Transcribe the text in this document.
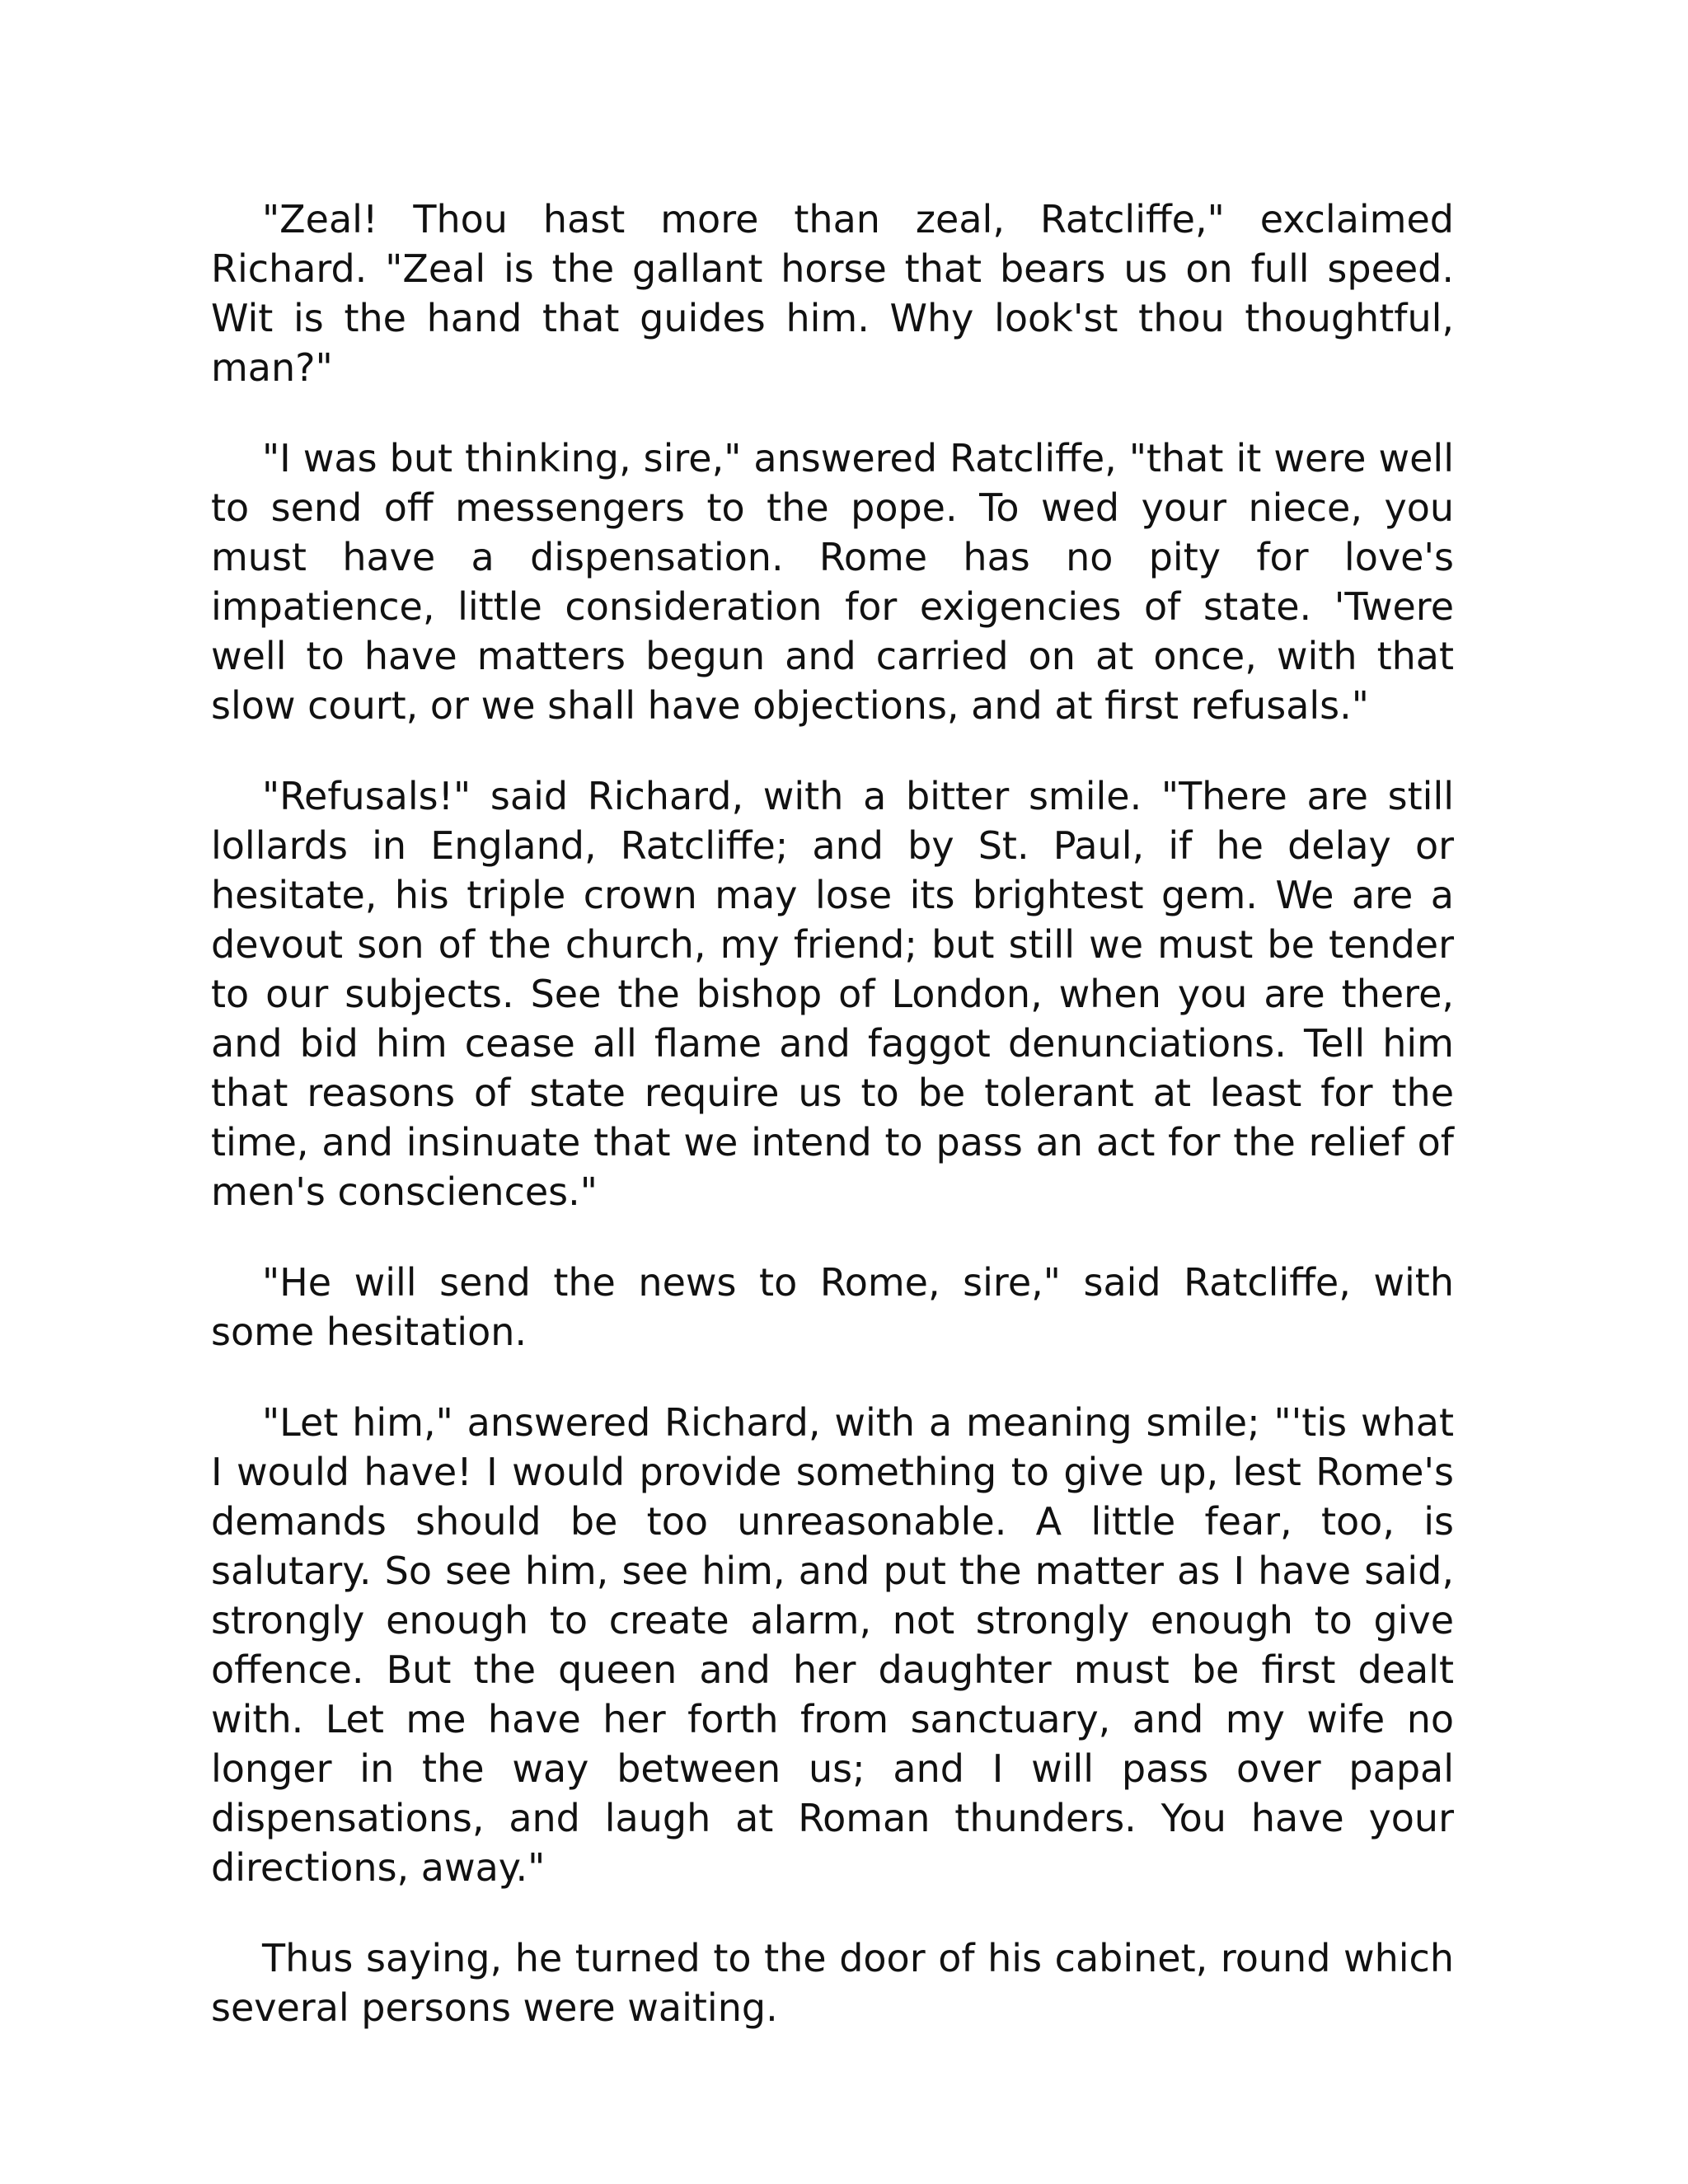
"Zeal! Thou hast more than zeal, Ratcliffe," exclaimed Richard. "Zeal is the gallant horse that bears us on full speed. Wit is the hand that guides him. Why look'st thou thoughtful, man?"

"I was but thinking, sire," answered Ratcliffe, "that it were well to send off messengers to the pope. To wed your niece, you must have a dispensation. Rome has no pity for love's impatience, little consideration for exigencies of state. 'Twere well to have matters begun and carried on at once, with that slow court, or we shall have objections, and at first refusals."

"Refusals!" said Richard, with a bitter smile. "There are still lollards in England, Ratcliffe; and by St. Paul, if he delay or hesitate, his triple crown may lose its brightest gem. We are a devout son of the church, my friend; but still we must be tender to our subjects. See the bishop of London, when you are there, and bid him cease all flame and faggot denunciations. Tell him that reasons of state require us to be tolerant at least for the time, and insinuate that we intend to pass an act for the relief of men's consciences."

"He will send the news to Rome, sire," said Ratcliffe, with some hesitation.

"Let him," answered Richard, with a meaning smile; "'tis what I would have! I would provide something to give up, lest Rome's demands should be too unreasonable. A little fear, too, is salutary. So see him, see him, and put the matter as I have said, strongly enough to create alarm, not strongly enough to give offence. But the queen and her daughter must be first dealt with. Let me have her forth from sanctuary, and my wife no longer in the way between us; and I will pass over papal dispensations, and laugh at Roman thunders. You have your directions, away."

Thus saying, he turned to the door of his cabinet, round which several persons were waiting.
